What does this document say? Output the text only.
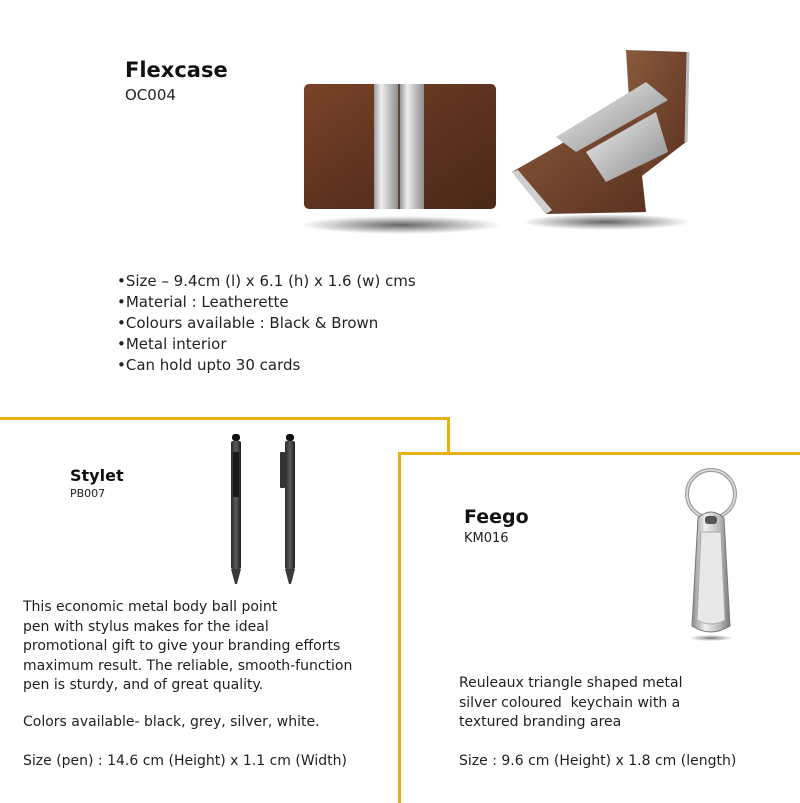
Flexcase
OC004
• Size – 9.4cm (l) x 6.1 (h) x 1.6 (w) cms
• Material : Leatherette
• Colours available : Black & Brown
• Metal interior
• Can hold upto 30 cards
Stylet
PB007
This economic metal body ball point
pen with stylus makes for the ideal
promotional gift to give your branding efforts
maximum result. The reliable, smooth-function
pen is sturdy, and of great quality.
Colors available- black, grey, silver, white.
Size (pen) : 14.6 cm (Height) x 1.1 cm (Width)
Feego
KM016
Reuleaux triangle shaped metal
silver coloured  keychain with a
textured branding area
Size : 9.6 cm (Height) x 1.8 cm (length)
